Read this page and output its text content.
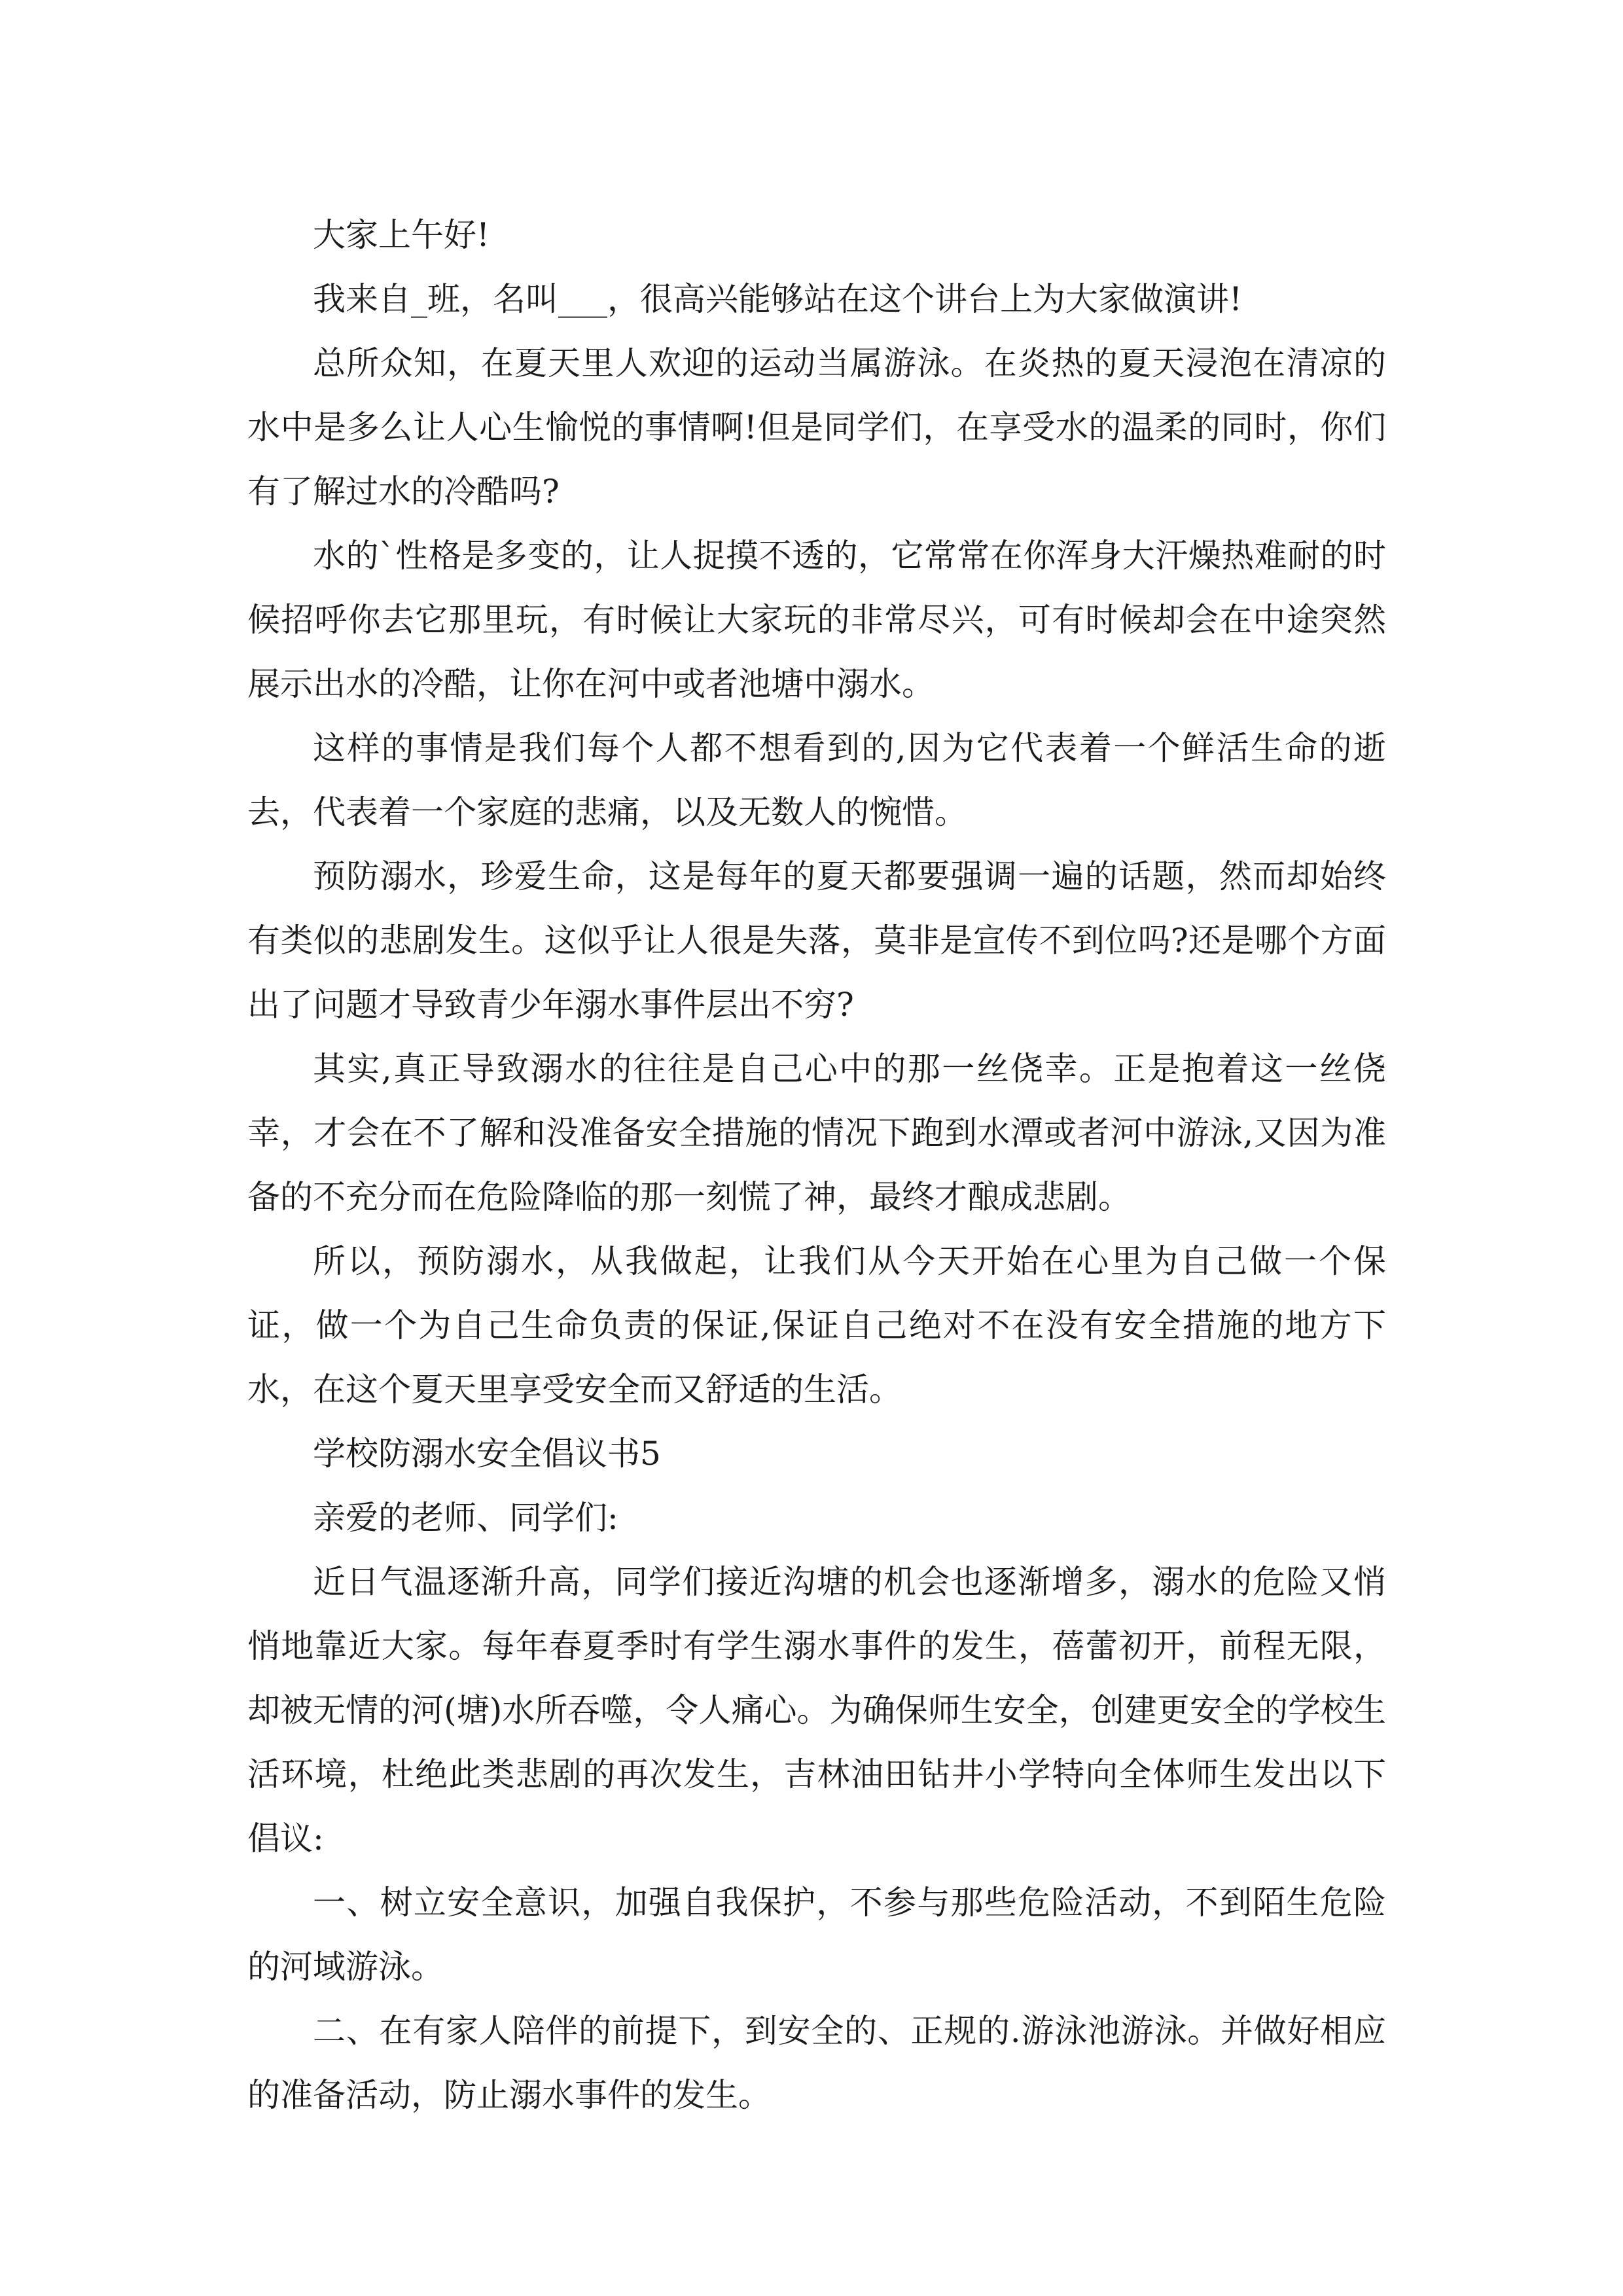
大家上午好!

我来自_班，名叫___，很高兴能够站在这个讲台上为大家做演讲!

总所众知，在夏天里人欢迎的运动当属游泳。在炎热的夏天浸泡在清凉的水中是多么让人心生愉悦的事情啊!但是同学们，在享受水的温柔的同时，你们有了解过水的冷酷吗?

水的`性格是多变的，让人捉摸不透的，它常常在你浑身大汗燥热难耐的时候招呼你去它那里玩，有时候让大家玩的非常尽兴，可有时候却会在中途突然展示出水的冷酷，让你在河中或者池塘中溺水。

这样的事情是我们每个人都不想看到的,因为它代表着一个鲜活生命的逝去，代表着一个家庭的悲痛，以及无数人的惋惜。

预防溺水，珍爱生命，这是每年的夏天都要强调一遍的话题，然而却始终有类似的悲剧发生。这似乎让人很是失落，莫非是宣传不到位吗?还是哪个方面出了问题才导致青少年溺水事件层出不穷?

其实,真正导致溺水的往往是自己心中的那一丝侥幸。正是抱着这一丝侥幸，才会在不了解和没准备安全措施的情况下跑到水潭或者河中游泳,又因为准备的不充分而在危险降临的那一刻慌了神，最终才酿成悲剧。

所以，预防溺水，从我做起，让我们从今天开始在心里为自己做一个保证，做一个为自己生命负责的保证,保证自己绝对不在没有安全措施的地方下水，在这个夏天里享受安全而又舒适的生活。

学校防溺水安全倡议书5

亲爱的老师、同学们:

近日气温逐渐升高，同学们接近沟塘的机会也逐渐增多，溺水的危险又悄悄地靠近大家。每年春夏季时有学生溺水事件的发生，蓓蕾初开，前程无限，却被无情的河(塘)水所吞噬，令人痛心。为确保师生安全，创建更安全的学校生活环境，杜绝此类悲剧的再次发生，吉林油田钻井小学特向全体师生发出以下倡议:

一、树立安全意识，加强自我保护，不参与那些危险活动，不到陌生危险的河域游泳。

二、在有家人陪伴的前提下，到安全的、正规的.游泳池游泳。并做好相应的准备活动，防止溺水事件的发生。
